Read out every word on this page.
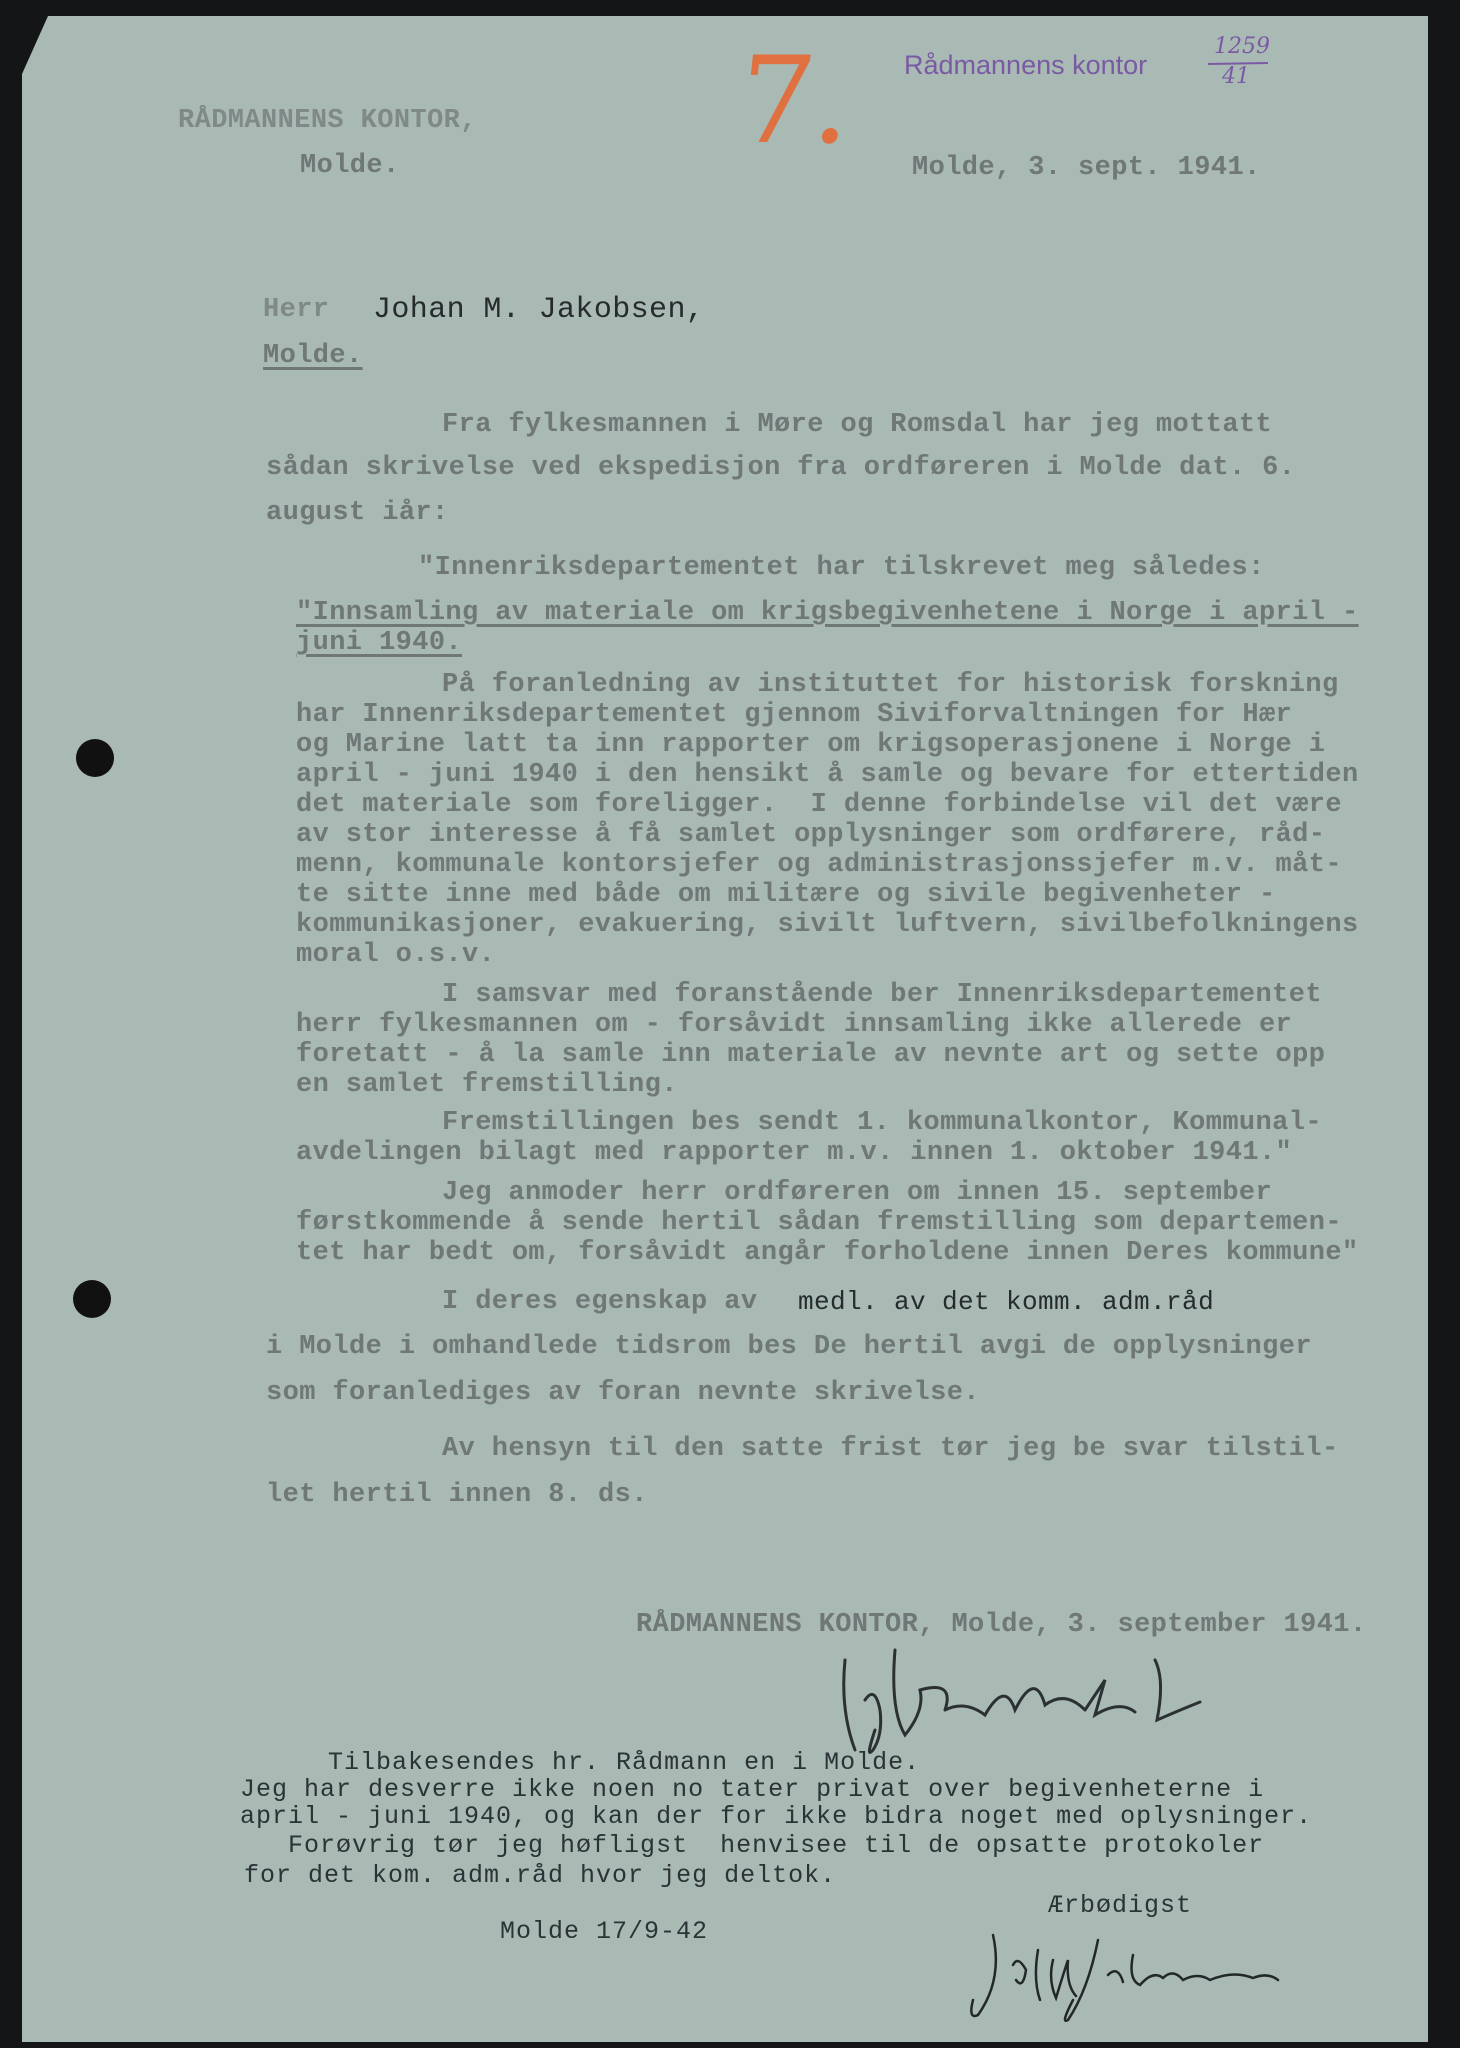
Rådmannens kontor
1259
41
7.
RÅDMANNENS KONTOR,
Molde.	Molde, 3. sept. 1941.
Herr Johan M. Jakobsen,
Molde.
Fra fylkesmannen i Møre og Romsdal har jeg mottatt
sådan skrivelse ved ekspedisjon fra ordføreren i Molde dat. 6.
august iår:
"Innenriksdepartementet har tilskrevet meg således:
"Innsamling av materiale om krigsbegivenhetene i Norge i april -
juni 1940.
På foranledning av instituttet for historisk forskning
har Innenriksdepartementet gjennom Siviforvaltningen for Hær
og Marine latt ta inn rapporter om krigsoperasjonene i Norge i
april - juni 1940 i den hensikt å samle og bevare for ettertiden
det materiale som foreligger.  I denne forbindelse vil det være
av stor interesse å få samlet opplysninger som ordførere, råd-
menn, kommunale kontorsjefer og administrasjonssjefer m.v. måt-
te sitte inne med både om militære og sivile begivenheter -
kommunikasjoner, evakuering, sivilt luftvern, sivilbefolkningens
moral o.s.v.
I samsvar med foranstående ber Innenriksdepartementet
herr fylkesmannen om - forsåvidt innsamling ikke allerede er
foretatt - å la samle inn materiale av nevnte art og sette opp
en samlet fremstilling.
Fremstillingen bes sendt 1. kommunalkontor, Kommunal-
avdelingen bilagt med rapporter m.v. innen 1. oktober 1941."
Jeg anmoder herr ordføreren om innen 15. september
førstkommende å sende hertil sådan fremstilling som departemen-
tet har bedt om, forsåvidt angår forholdene innen Deres kommune"
I deres egenskap av medl. av det komm. adm.råd
i Molde i omhandlede tidsrom bes De hertil avgi de opplysninger
som foranlediges av foran nevnte skrivelse.
Av hensyn til den satte frist tør jeg be svar tilstil-
let hertil innen 8. ds.
RÅDMANNENS KONTOR, Molde, 3. september 1941.
Tilbakesendes hr. Rådmann en i Molde.
Jeg har desverre ikke noen no tater privat over begivenheterne i
april - juni 1940, og kan der for ikke bidra noget med oplysninger.
Forøvrig tør jeg høfligst  henvisee til de opsatte protokoler
for det kom. adm.råd hvor jeg deltok.
Ærbødigst
Molde 17/9-42
